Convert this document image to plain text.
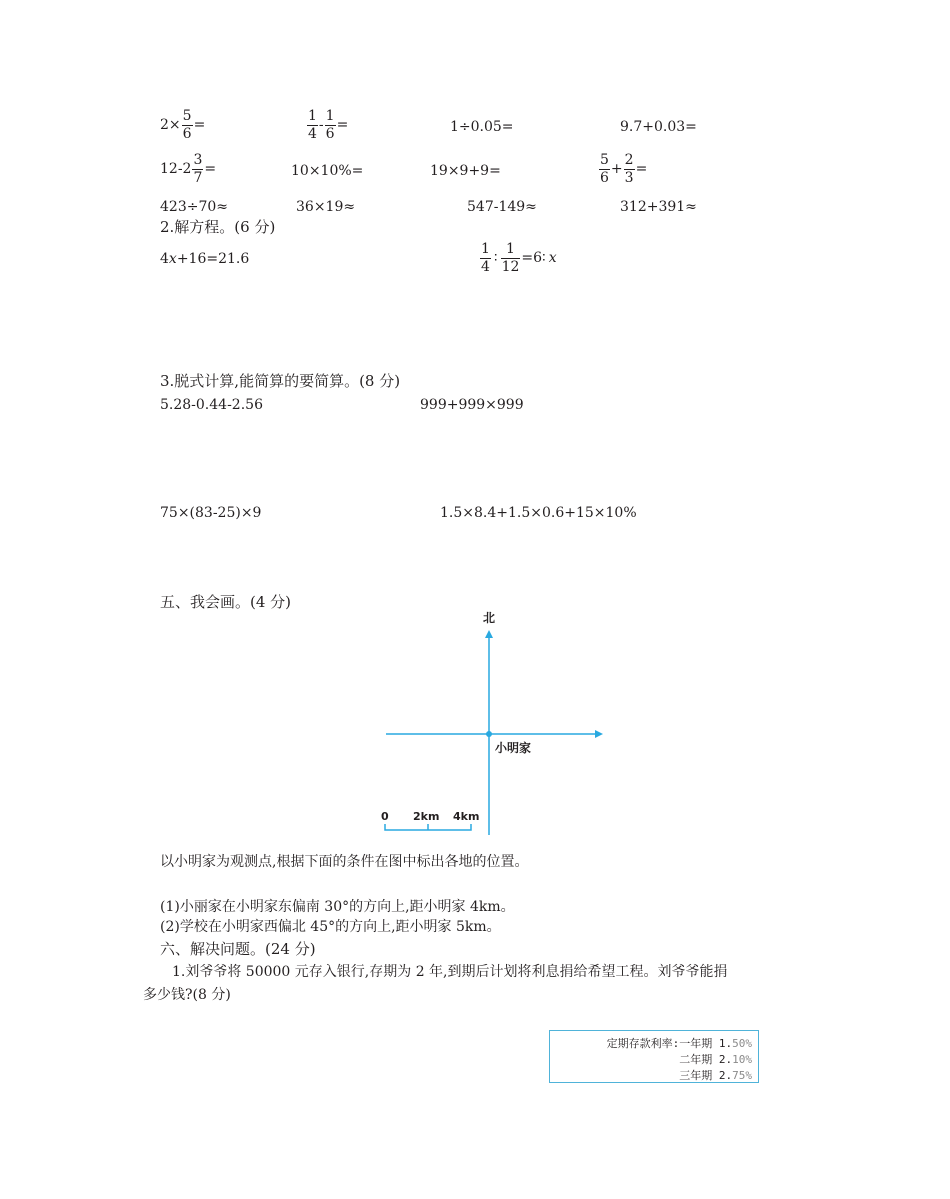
$2\times \frac{5}{6}$ =	$\frac{1}{4} - \frac{1}{6}$ =	1÷0.05=	9.7+0.03=
$12-2 \frac{3}{7}$ =	10×10%=	19×9+9=	$\frac{5}{6} + \frac{2}{3}$ =
423÷70≈	36×19≈	547-149≈	312+391≈
2.解方程。(6 分)
4x+16=21.6	$\frac{1}{4}$ ∶ $\frac{1}{12}$ =6∶ x
3.脱式计算,能简算的要简算。(8 分)
5.28-0.44-2.56	999+999×999
75×(83-25)×9	1.5×8.4+1.5×0.6+15×10%
五、我会画。(4 分)
北
小明家
0 2km 4km
以小明家为观测点,根据下面的条件在图中标出各地的位置。
(1)小丽家在小明家东偏南 30°的方向上,距小明家 4km。
(2)学校在小明家西偏北 45°的方向上,距小明家 5km。
六、解决问题。(24 分)
1.刘爷爷将 50000 元存入银行,存期为 2 年,到期后计划将利息捐给希望工程。刘爷爷能捐
多少钱?(8 分)
定期存款利率:一年期 1.50%
二年期 2.10%
三年期 2.75%
